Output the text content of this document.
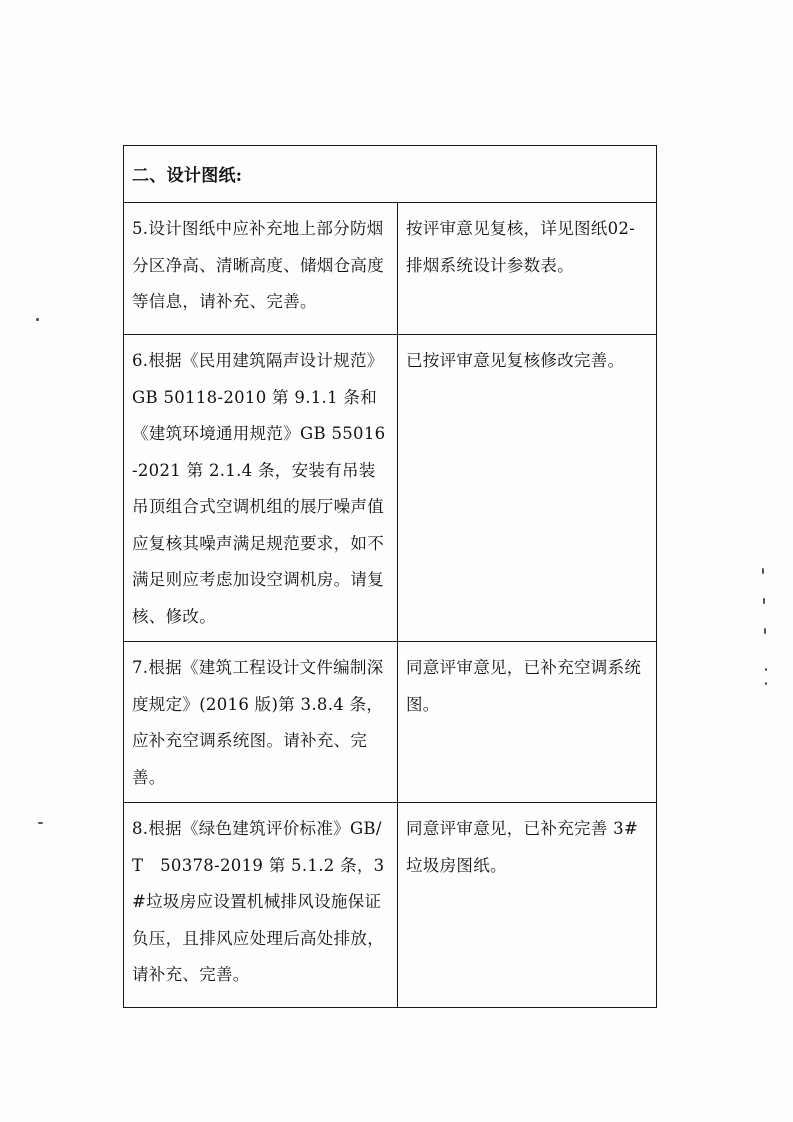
二、设计图纸:	
5.设计图纸中应补充地上部分防烟分区净高、清晰高度、储烟仓高度等信息，请补充、完善。	按评审意见复核，详见图纸02-排烟系统设计参数表。
6.根据《民用建筑隔声设计规范》GB 50118-2010 第 9.1.1 条和《建筑环境通用规范》GB 55016-2021 第 2.1.4 条，安装有吊装吊顶组合式空调机组的展厅噪声值应复核其噪声满足规范要求，如不满足则应考虑加设空调机房。请复核、修改。	已按评审意见复核修改完善。
7.根据《建筑工程设计文件编制深度规定》(2016 版)第 3.8.4 条，应补充空调系统图。请补充、完善。	同意评审意见，已补充空调系统图。
8.根据《绿色建筑评价标准》GB/T　50378-2019 第 5.1.2 条，3#垃圾房应设置机械排风设施保证负压，且排风应处理后高处排放，请补充、完善。	同意评审意见，已补充完善 3#垃圾房图纸。
